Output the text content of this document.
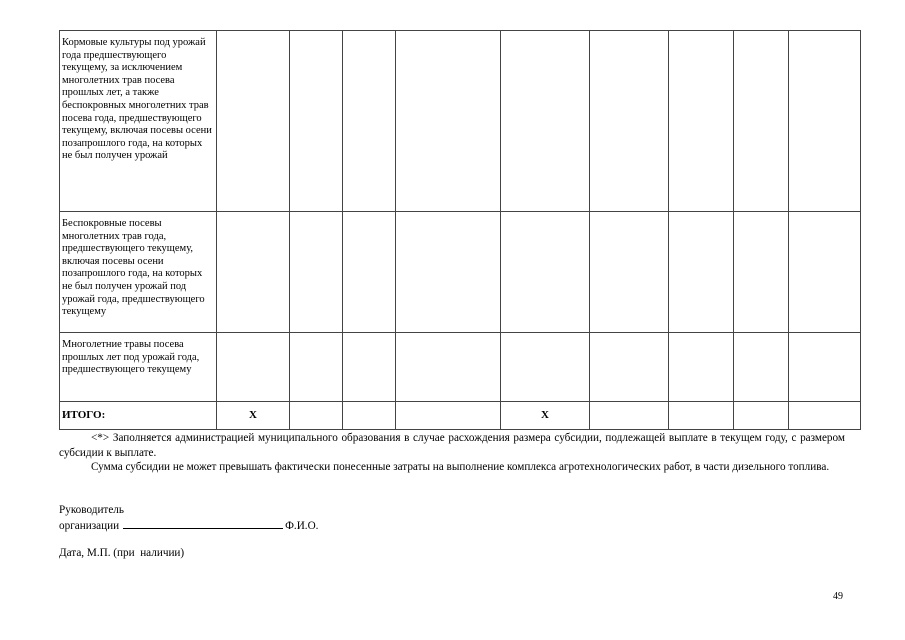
Кормовые культуры под урожай года предшествующего текущему, за исключением многолетних трав посева прошлых лет, а также беспокровных многолетних трав посева года, предшествующего текущему, включая посевы осени позапрошлого года, на которых не был получен урожай										
Беспокровные посевы многолетних трав года, предшествующего текущему, включая посевы осени позапрошлого года, на которых не был получен урожай под урожай года, предшествующего текущему										
Многолетние травы посева прошлых лет под урожай года, предшествующего текущему										
ИТОГО:	Х				Х					

<*> Заполняется администрацией муниципального образования в случае расхождения размера субсидии, подлежащей выплате в текущем году, с размером субсидии к выплате.

Сумма субсидии не может превышать фактически понесенные затраты на выполнение комплекса агротехнологических работ, в части дизельного топлива.

Руководитель
организации	Ф.И.О.
Дата, М.П. (при  наличии)
49
